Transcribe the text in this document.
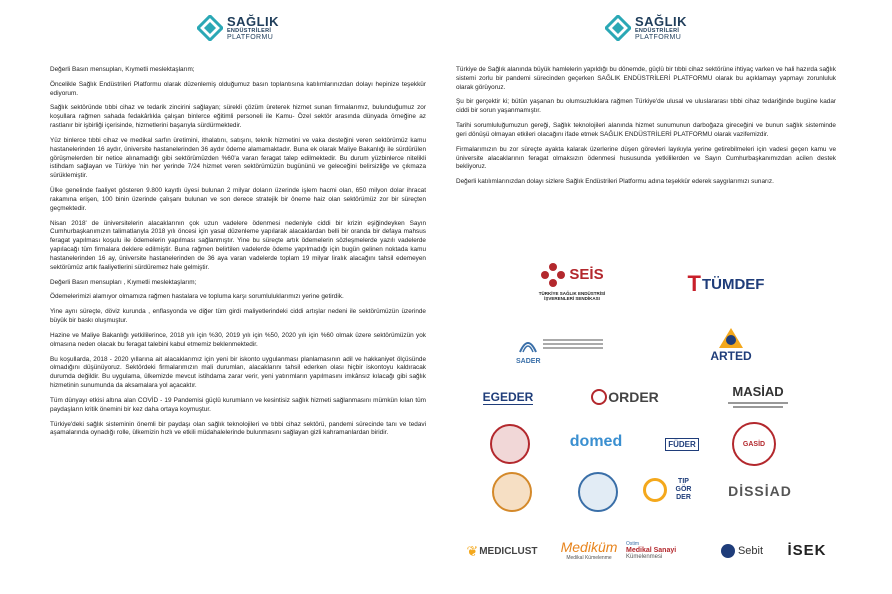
SAĞLIK
ENDÜSTRİLERİ
PLATFORMU

Değerli Basın mensupları, Kıymetli meslektaşlarım;

Öncelikle Sağlık Endüstrileri Platformu olarak düzenlemiş olduğumuz basın toplantısına katılımlarınızdan dolayı hepinize teşekkür ediyorum.

Sağlık sektöründe tıbbi cihaz ve tedarik zincirini sağlayan; sürekli çözüm üreterek hizmet sunan firmalarımız, bulunduğumuz zor koşullara rağmen sahada fedakârlıkla çalışan binlerce eğitimli personeli ile Kamu- Özel sektör arasında dünyada örneğine az rastlanır bir işbirliği içerisinde, hizmetlerini başarıyla sürdürmektedir.

Yüz binlerce tıbbi cihaz ve medikal sarfın üretimini, ithalatını, satışını, teknik hizmetini ve vaka desteğini veren sektörümüz kamu hastanelerinden 16 aydır, üniversite hastanelerinden 36 aydır ödeme alamamaktadır. Buna ek olarak Maliye Bakanlığı ile sürdürülen görüşmelerden bir netice alınamadığı gibi sektörümüzden %60'a varan feragat talep edilmektedir. Bu durum yüzbinlerce nitelikli istihdam sağlayan ve Türkiye 'nin her yerinde 7/24 hizmet veren sektörümüzün bugününü ve geleceğini belirsizliğe ve çıkmaza sürüklemiştir.

Ülke genelinde faaliyet gösteren 9.800 kayıtlı üyesi bulunan 2 milyar doların üzerinde işlem hacmi olan, 650 milyon dolar ihracat rakamına erişen, 100 binin üzerinde çalışanı bulunan ve son derece stratejik bir öneme haiz olan sektörümüz zor bir süreçten geçmektedir.

Nisan 2018' de üniversitelerin alacaklarının çok uzun vadelere ödenmesi nedeniyle ciddi bir krizin eşiğindeyken Sayın Cumhurbaşkanımızın talimatlarıyla 2018 yılı öncesi için yasal düzenleme yapılarak alacaklardan belli bir oranda bir defaya mahsus feragat yapılması koşulu ile ödemelerin yapılması sağlanmıştır. Yine bu süreçte artık ödemelerin sözleşmelerde yazılı vadelerde yapılacağı tüm firmalara deklere edilmiştir. Buna rağmen belirtilen vadelerde ödeme yapılmadığı için bugün gelinen noktada kamu hastanelerinden 16 ay, üniversite hastanelerinden de 36 aya varan vadelerde toplam 19 milyar liralık alacağını tahsil edemeyen sektörümüz artık faaliyetlerini sürdüremez hale gelmiştir.

Değerli Basın mensupları , Kıymetli meslektaşlarım;

Ödemelerimizi alamıyor olmamıza rağmen hastalara ve topluma karşı sorumluluklarımızı yerine getirdik.

Yine aynı süreçte, döviz kurunda , enflasyonda ve diğer tüm girdi maliyetlerindeki ciddi artışlar nedeni ile sektörümüzün üzerinde büyük bir baskı oluşmuştur.

Hazine ve Maliye Bakanlığı yetkililerince, 2018 yılı için %30, 2019 yılı için %50, 2020 yılı için %60 olmak üzere sektörümüzün yok olmasına neden olacak bu feragat talebini kabul etmemiz beklenmektedir.

Bu koşullarda, 2018 - 2020 yıllarına ait alacaklarımız için yeni bir iskonto uygulanması planlamasının adil ve hakkaniyet ölçüsünde olmadığını düşünüyoruz. Sektördeki firmalarımızın mali durumları, alacaklarını tahsil ederken olası hiçbir iskontoyu kaldıracak durumda değildir. Bu uygulama, ülkemizde mevcut istihdama zarar verir, yeni yatırımların yapılmasını imkânsız kılacağı gibi sağlık hizmetinin sunumunda da aksamalara yol açacaktır.

Tüm dünyayı etkisi altına alan COVİD - 19 Pandemisi güçlü kurumların ve kesintisiz sağlık hizmeti sağlanmasını mümkün kılan tüm paydaşların kritik önemini bir kez daha ortaya koymuştur.

Türkiye'deki sağlık sisteminin önemli bir paydaşı olan sağlık teknolojileri ve tıbbi cihaz sektörü, pandemi sürecinde tanı ve tedavi aşamalarında oynadığı rolle, ülkemizin hızlı ve etkili müdahalelerinde bulunmasını sağlayan gizli kahramanlardan biridir.

SAĞLIK
ENDÜSTRİLERİ
PLATFORMU

Türkiye de Sağlık alanında büyük hamlelerin yapıldığı bu dönemde, güçlü bir tıbbi cihaz sektörüne ihtiyaç varken ve hali hazırda sağlık sistemi zorlu bir pandemi sürecinden geçerken SAĞLIK ENDÜSTRİLERİ PLATFORMU olarak bu açıklamayı yapmayı zorunluluk olarak görüyoruz.

Şu bir gerçektir ki; bütün yaşanan bu olumsuzluklara rağmen Türkiye'de ulusal ve uluslararası tıbbi cihaz tedariğinde bugüne kadar ciddi bir sorun yaşanmamıştır.

Tarihi sorumluluğumuzun gereği, Sağlık teknolojileri alanında hizmet sunumunun darboğaza gireceğini ve bunun sağlık sisteminde geri dönüşü olmayan etkileri olacağını ifade etmek SAĞLIK ENDÜSTRİLERİ PLATFORMU olarak vazifemizdir.

Firmalarımızın bu zor süreçte ayakta kalarak üzerlerine düşen görevleri layıkıyla yerine getirebilmeleri için vadesi geçen kamu ve üniversite alacaklarının feragat olmaksızın ödenmesi hususunda yetkililerden ve Sayın Cumhurbaşkanımızdan acilen destek bekliyoruz.

Değerli katılımlarınızdan dolayı sizlere Sağlık Endüstrileri Platformu adına teşekkür ederek saygılarımızı sunarız.

SEİS
TÜRKİYE SAĞLIK ENDÜSTRİSİ
İŞVERENLERİ SENDİKASI
T TÜMDEF
SADER	ARTED
EGEDER	ORDER	MASİAD
domed	FÜDER	GASİD
TIP GÖR DER	DİSSİAD
❦ MEDICLUST Mediküm
Medikal Kümelenme
Ostim
Medikal Sanayi
Kümelenmesi	Sebit İSEK
